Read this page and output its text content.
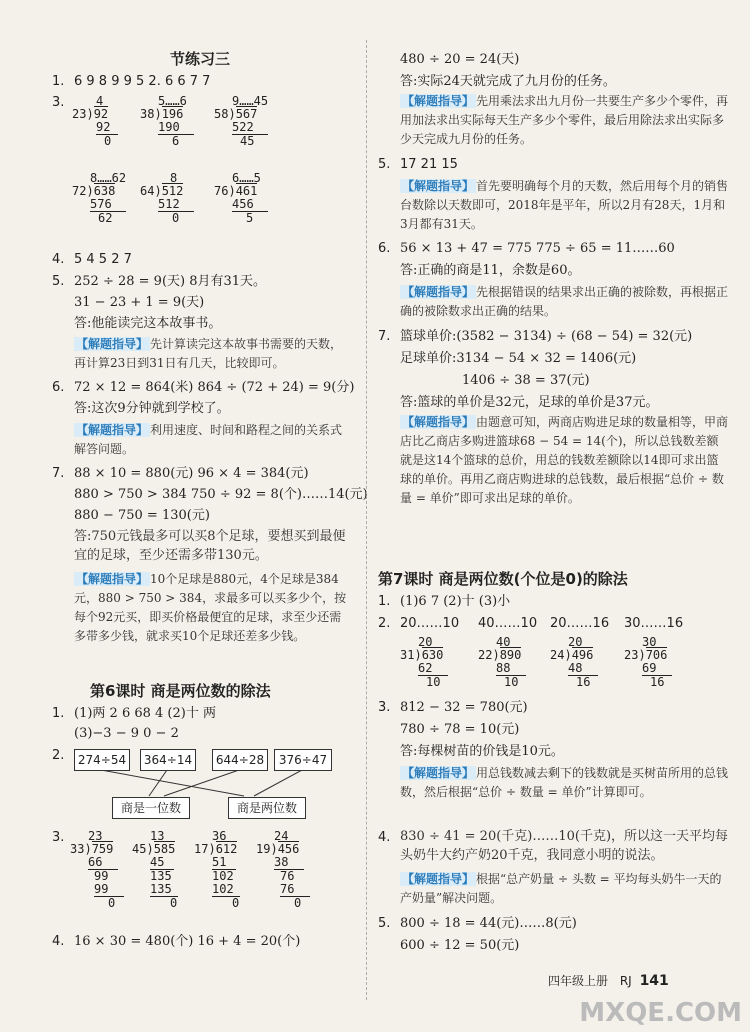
节练习三
1. 6 9 8 9 9 5 2. 6 6 7 7
3.	4
23)92
92
0
5……6
38)196
190
6
9……45
58)567
522
45
8……62
72)638
576
62
8
64)512
512
0
6……5
76)461
456
5
4. 5 4 5 2 7
5. 252 ÷ 28 = 9(天) 8月有31天。
31 − 23 + 1 = 9(天)
答:他能读完这本故事书。
【解题指导】 先计算读完这本故事书需要的天数，再计算23日到31日有几天，比较即可。
6. 72 × 12 = 864(米) 864 ÷ (72 + 24) = 9(分)
答:这次9分钟就到学校了。
【解题指导】 利用速度、时间和路程之间的关系式解答问题。
7. 88 × 10 = 880(元) 96 × 4 = 384(元)
880 > 750 > 384 750 ÷ 92 = 8(个)……14(元)
880 − 750 = 130(元)
答:750元钱最多可以买8个足球，要想买到最便宜的足球，至少还需多带130元。
【解题指导】 10个足球是880元，4个足球是384元，880 > 750 > 384，求最多可以买多少个，按每个92元买，即买价格最便宜的足球，求至少还需多带多少钱，就求买10个足球还差多少钱。
第6课时 商是两位数的除法
1. (1)两 2 6 68 4 (2)十 两
(3)−3 − 9 0 − 2
2.	274÷54	364÷14	644÷28	376÷47
商是一位数	商是两位数
3.	23
33)759
66
99
99
0
13
45)585
45
135
135
0
36
17)612
51
102
102
0
24
19)456
38
76
76
0
4. 16 × 30 = 480(个) 16 + 4 = 20(个)
480 ÷ 20 = 24(天)
答:实际24天就完成了九月份的任务。
【解题指导】 先用乘法求出九月份一共要生产多少个零件，再用加法求出实际每天生产多少个零件，最后用除法求出实际多少天完成九月份的任务。
5. 17 21 15
【解题指导】 首先要明确每个月的天数，然后用每个月的销售台数除以天数即可，2018年是平年，所以2月有28天，1月和3月都有31天。
6. 56 × 13 + 47 = 775 775 ÷ 65 = 11……60
答:正确的商是11，余数是60。
【解题指导】 先根据错误的结果求出正确的被除数，再根据正确的被除数求出正确的结果。
7. 篮球单价:(3582 − 3134) ÷ (68 − 54) = 32(元)
足球单价:3134 − 54 × 32 = 1406(元)
1406 ÷ 38 = 37(元)
答:篮球的单价是32元，足球的单价是37元。
【解题指导】 由题意可知，两商店购进足球的数量相等，甲商店比乙商店多购进篮球68 − 54 = 14(个)，所以总钱数差额就是这14个篮球的总价，用总的钱数差额除以14即可求出篮球的单价。再用乙商店购进球的总钱数，最后根据“总价 ÷ 数量 = 单价”即可求出足球的单价。
第7课时 商是两位数(个位是0)的除法
1. (1)6 7 (2)十 (3)小
2. 20……10 40……10 20……16 30……16
20
31)630
62
10
40
22)890
88
10
20
24)496
48
16
30
23)706
69
16
3. 812 − 32 = 780(元)
780 ÷ 78 = 10(元)
答:每棵树苗的价钱是10元。
【解题指导】 用总钱数减去剩下的钱数就是买树苗所用的总钱数，然后根据“总价 ÷ 数量 = 单价”计算即可。
4. 830 ÷ 41 = 20(千克)……10(千克)，所以这一天平均每头奶牛大约产奶20千克，我同意小明的说法。
【解题指导】 根据“总产奶量 ÷ 头数 = 平均每头奶牛一天的产奶量”解决问题。
5. 800 ÷ 18 = 44(元)……8(元)
600 ÷ 12 = 50(元)
四年级上册 RJ 141
MXQE.COM
